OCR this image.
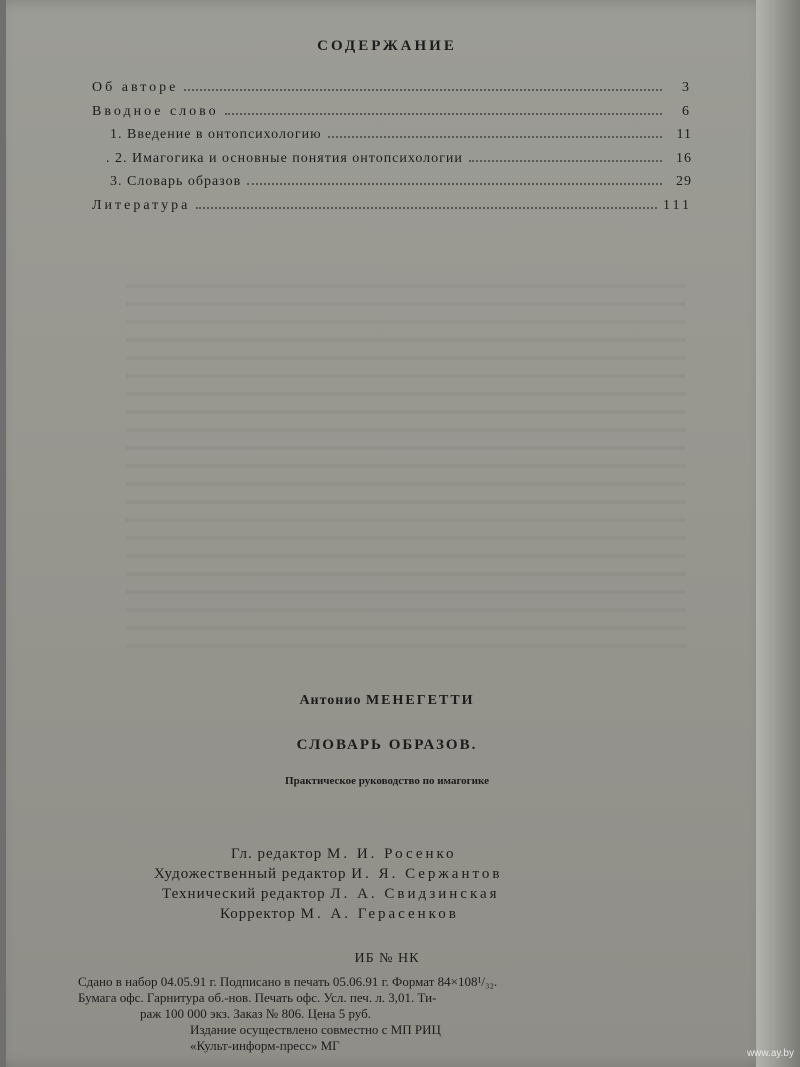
СОДЕРЖАНИЕ
Об автоpе	3
Вводное слово	6
1. Введение в онтопсихологию	11
. 2. Имагогика и основные понятия онтопсихологии	16
3. Словарь образов	29
Литература	111
Антонио МЕНЕГЕТТИ
СЛОВАРЬ ОБРАЗОВ.
Практическое руководство по имагогике
Гл. редактор М. И. Росенко
Художественный редактор И. Я. Сержантов
Технический редактор Л. А. Свидзинская
Корректор М. А. Герасенков
ИБ № НК
Сдано в набор 04.05.91 г. Подписано в печать 05.06.91 г. Формат 84×108¹/₃₂.
Бумага офс. Гарнитура об.-нов. Печать офс. Усл. печ. л. 3,01. Ти-
раж 100 000 экз. Заказ № 806. Цена 5 руб.
Издание осуществлено совместно с МП РИЦ
«Культ-информ-пресс» МГ
www.ay.by
